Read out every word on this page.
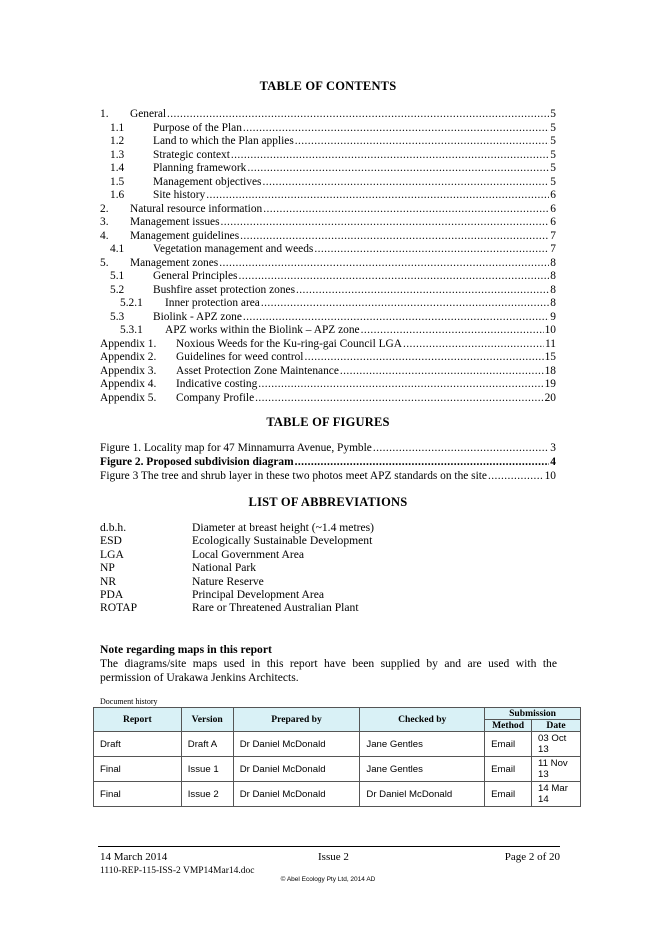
TABLE OF CONTENTS
1.	General .....	5
1.1	Purpose of the Plan .....	5
1.2	Land to which the Plan applies .....	5
1.3	Strategic context .....	5
1.4	Planning framework .....	5
1.5	Management objectives .....	5
1.6	Site history .....	6
2.	Natural resource information .....	6
3.	Management issues .....	6
4.	Management guidelines .....	7
4.1	Vegetation management and weeds .....	7
5.	Management zones .....	8
5.1	General Principles .....	8
5.2	Bushfire asset protection zones .....	8
5.2.1	Inner protection area .....	8
5.3	Biolink - APZ zone .....	9
5.3.1	APZ works within the Biolink – APZ zone .....	10
Appendix 1.	Noxious Weeds for the Ku-ring-gai Council LGA .....	11
Appendix 2.	Guidelines for weed control .....	15
Appendix 3.	Asset Protection Zone Maintenance .....	18
Appendix 4.	Indicative costing .....	19
Appendix 5.	Company Profile .....	20
TABLE OF FIGURES
Figure 1. Locality map for 47 Minnamurra Avenue, Pymble .....	3
Figure 2. Proposed subdivision diagram .....	4
Figure 3 The tree and shrub layer in these two photos meet APZ standards on the site .....	10
LIST OF ABBREVIATIONS
d.b.h.	Diameter at breast height (~1.4 metres)
ESD	Ecologically Sustainable Development
LGA	Local Government Area
NP	National Park
NR	Nature Reserve
PDA	Principal Development Area
ROTAP	Rare or Threatened Australian Plant
Note regarding maps in this report
The diagrams/site maps used in this report have been supplied by and are used with the permission of Urakawa Jenkins Architects.
Document history
Report	Version	Prepared by	Checked by	Submission	
				Method	Date
Draft	Draft A	Dr Daniel McDonald	Jane Gentles	Email	03 Oct 13
Final	Issue 1	Dr Daniel McDonald	Jane Gentles	Email	11 Nov 13
Final	Issue 2	Dr Daniel McDonald	Dr Daniel McDonald	Email	14 Mar 14
14 March 2014	Issue 2	Page 2 of 20
1110-REP-115-ISS-2 VMP14Mar14.doc
© Abel Ecology Pty Ltd, 2014 AD
